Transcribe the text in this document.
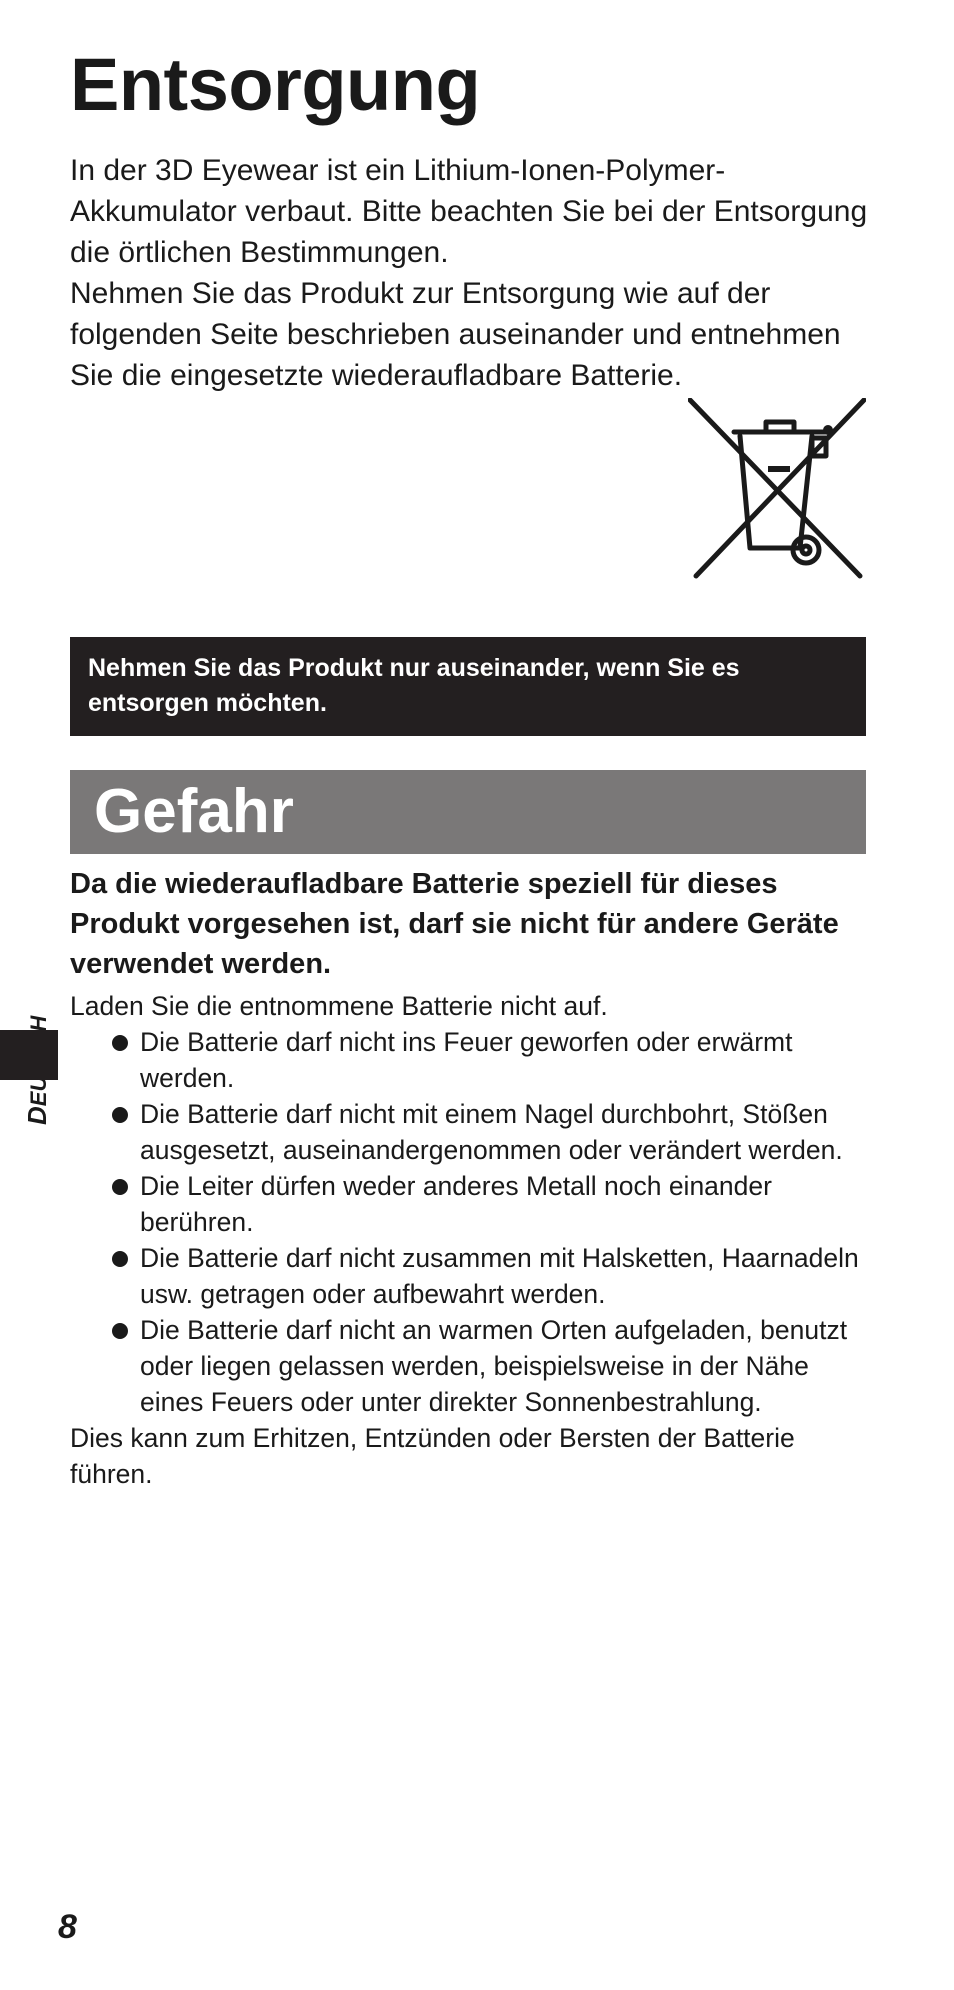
Entsorgung

In der 3D Eyewear ist ein Lithium-Ionen-Polymer-Akkumulator verbaut. Bitte beachten Sie bei der Entsorgung die örtlichen Bestimmungen.

Nehmen Sie das Produkt zur Entsorgung wie auf der folgenden Seite beschrieben auseinander und entnehmen Sie die eingesetzte wiederaufladbare Batterie.

Nehmen Sie das Produkt nur auseinander, wenn Sie es entsorgen möchten.
Gefahr

Da die wiederaufladbare Batterie speziell für dieses Produkt vorgesehen ist, darf sie nicht für andere Geräte verwendet werden.

Laden Sie die entnommene Batterie nicht auf.

Die Batterie darf nicht ins Feuer geworfen oder erwärmt werden.
Die Batterie darf nicht mit einem Nagel durchbohrt, Stößen ausgesetzt, auseinandergenommen oder verändert werden.
Die Leiter dürfen weder anderes Metall noch einander berühren.
Die Batterie darf nicht zusammen mit Halsketten, Haarnadeln usw. getragen oder aufbewahrt werden.
Die Batterie darf nicht an warmen Orten aufgeladen, benutzt oder liegen gelassen werden, beispielsweise in der Nähe eines Feuers oder unter direkter Sonnenbestrahlung.

Dies kann zum Erhitzen, Entzünden oder Bersten der Batterie führen.

D
8
